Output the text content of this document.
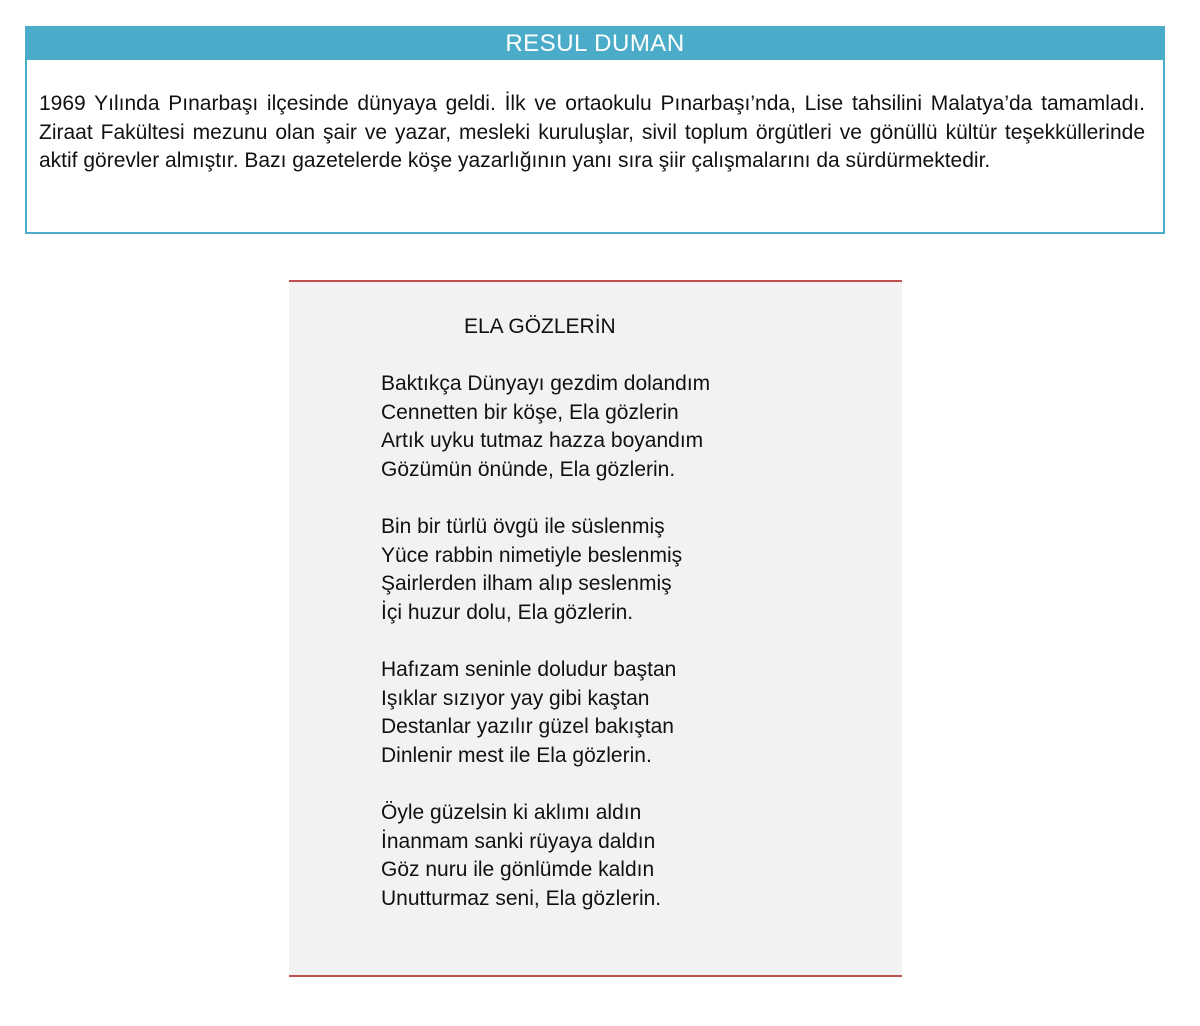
RESUL DUMAN

1969 Yılında Pınarbaşı ilçesinde dünyaya geldi. İlk ve ortaokulu Pınarbaşı’nda, Lise tahsilini Malatya’da tamamladı. Ziraat Fakültesi mezunu olan şair ve yazar, mesleki kuruluşlar, sivil toplum örgütleri ve gönüllü kültür teşekküllerinde aktif görevler almıştır. Bazı gazetelerde köşe yazarlığının yanı sıra şiir çalışmalarını da sürdürmektedir.

ELA GÖZLERİN
Baktıkça Dünyayı gezdim dolandım
Cennetten bir köşe, Ela gözlerin
Artık uyku tutmaz hazza boyandım
Gözümün önünde, Ela gözlerin.
Bin bir türlü övgü ile süslenmiş
Yüce rabbin nimetiyle beslenmiş
Şairlerden ilham alıp seslenmiş
İçi huzur dolu, Ela gözlerin.
Hafızam seninle doludur baştan
Işıklar sızıyor yay gibi kaştan
Destanlar yazılır güzel bakıştan
Dinlenir mest ile Ela gözlerin.
Öyle güzelsin ki aklımı aldın
İnanmam sanki rüyaya daldın
Göz nuru ile gönlümde kaldın
Unutturmaz seni, Ela gözlerin.
